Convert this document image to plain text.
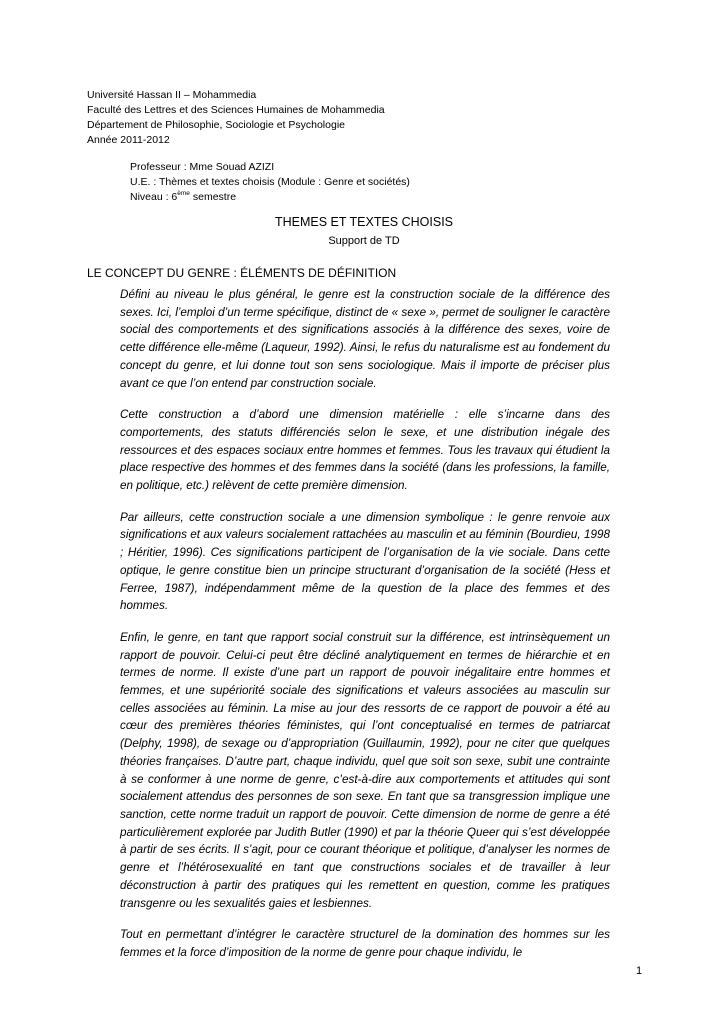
Université Hassan II – Mohammedia
Faculté des Lettres et des Sciences Humaines de Mohammedia
Département de Philosophie, Sociologie et Psychologie
Année 2011-2012
Professeur : Mme Souad AZIZI
U.E. : Thèmes et textes choisis (Module : Genre et sociétés)
Niveau : 6ème semestre
THEMES ET TEXTES CHOISIS
Support de TD
LE CONCEPT DU GENRE : ÉLÉMENTS DE DÉFINITION

Défini au niveau le plus général, le genre est la construction sociale de la différence des sexes. Ici, l’emploi d’un terme spécifique, distinct de « sexe », permet de souligner le caractère social des comportements et des significations associés à la différence des sexes, voire de cette différence elle-même (Laqueur, 1992). Ainsi, le refus du naturalisme est au fondement du concept du genre, et lui donne tout son sens sociologique. Mais il importe de préciser plus avant ce que l’on entend par construction sociale.

Cette construction a d’abord une dimension matérielle : elle s’incarne dans des comportements, des statuts différenciés selon le sexe, et une distribution inégale des ressources et des espaces sociaux entre hommes et femmes. Tous les travaux qui étudient la place respective des hommes et des femmes dans la société (dans les professions, la famille, en politique, etc.) relèvent de cette première dimension.

Par ailleurs, cette construction sociale a une dimension symbolique : le genre renvoie aux significations et aux valeurs socialement rattachées au masculin et au féminin (Bourdieu, 1998 ; Héritier, 1996). Ces significations participent de l’organisation de la vie sociale. Dans cette optique, le genre constitue bien un principe structurant d’organisation de la société (Hess et Ferree, 1987), indépendamment même de la question de la place des femmes et des hommes.

Enfin, le genre, en tant que rapport social construit sur la différence, est intrinsèquement un rapport de pouvoir. Celui-ci peut être décliné analytiquement en termes de hiérarchie et en termes de norme. Il existe d’une part un rapport de pouvoir inégalitaire entre hommes et femmes, et une supériorité sociale des significations et valeurs associées au masculin sur celles associées au féminin. La mise au jour des ressorts de ce rapport de pouvoir a été au cœur des premières théories féministes, qui l’ont conceptualisé en termes de patriarcat (Delphy, 1998), de sexage ou d’appropriation (Guillaumin, 1992), pour ne citer que quelques théories françaises. D’autre part, chaque individu, quel que soit son sexe, subit une contrainte à se conformer à une norme de genre, c’est-à-dire aux comportements et attitudes qui sont socialement attendus des personnes de son sexe. En tant que sa transgression implique une sanction, cette norme traduit un rapport de pouvoir. Cette dimension de norme de genre a été particulièrement explorée par Judith Butler (1990) et par la théorie Queer qui s’est développée à partir de ses écrits. Il s’agit, pour ce courant théorique et politique, d’analyser les normes de genre et l’hétérosexualité en tant que constructions sociales et de travailler à leur déconstruction à partir des pratiques qui les remettent en question, comme les pratiques transgenre ou les sexualités gaies et lesbiennes.

Tout en permettant d’intégrer le caractère structurel de la domination des hommes sur les femmes et la force d’imposition de la norme de genre pour chaque individu, le

1
